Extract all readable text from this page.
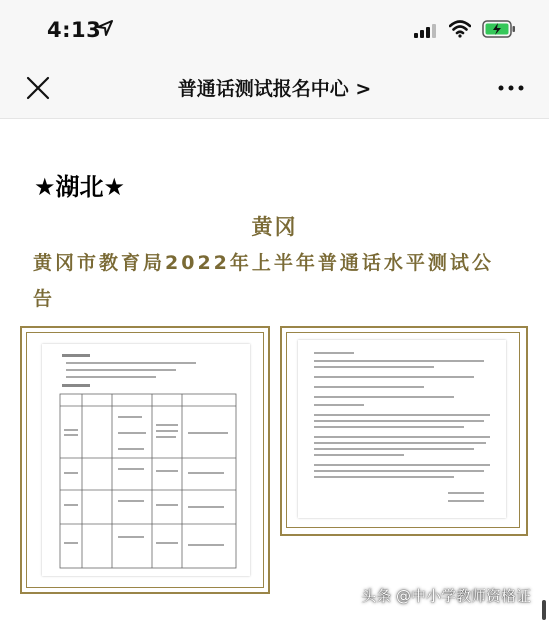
4:13
普通话测试报名中心 >
★湖北★
黄冈
黄冈市教育局2022年上半年普通话水平测试公告
头条 @中小学教师资格证
